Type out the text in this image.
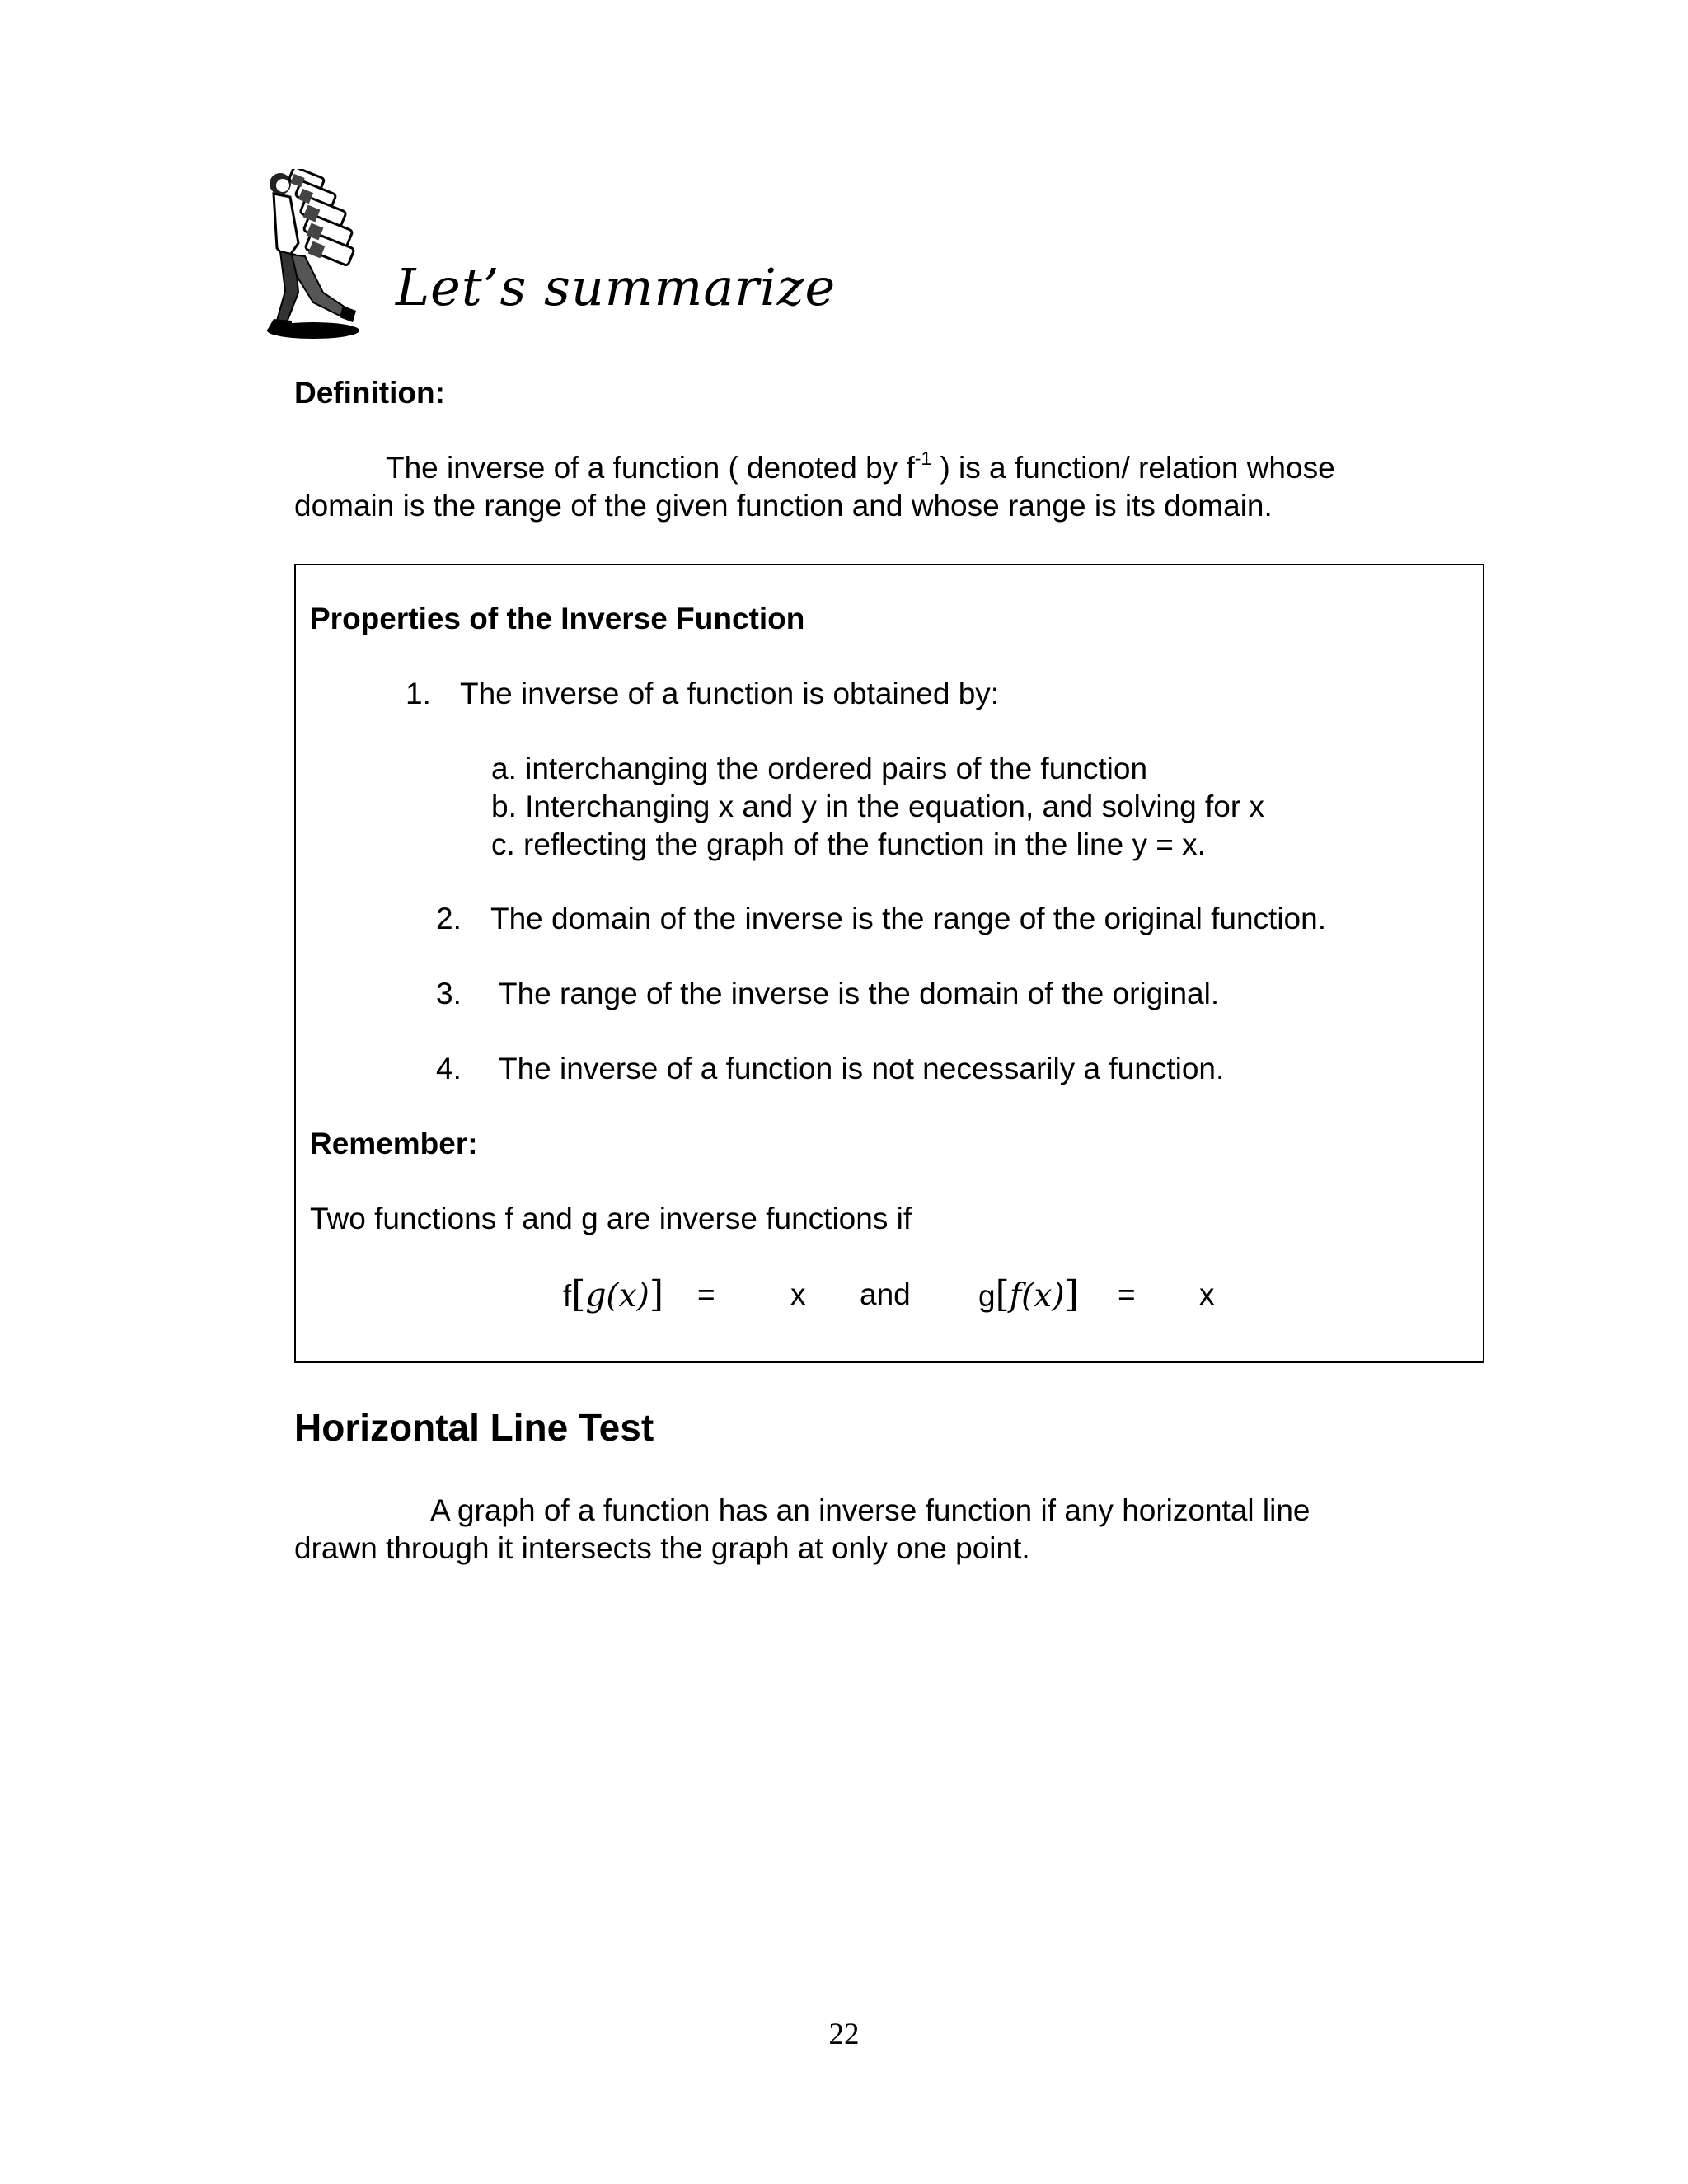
Let’s summarize
Definition:
The inverse of a function ( denoted by $f^{-1}$ ) is a function/ relation whose
domain is the range of the given function and whose range is its domain.
Properties of the Inverse Function
1. The inverse of a function is obtained by:
a. interchanging the ordered pairs of the function
b. Interchanging x and y in the equation, and solving for x
c. reflecting the graph of the function in the line y = x.
2. The domain of the inverse is the range of the original function.
3. The range of the inverse is the domain of the original.
4. The inverse of a function is not necessarily a function.
Remember:
Two functions f and g are inverse functions if
f[g(x)] = x and g[f(x)] = x
Horizontal Line Test
A graph of a function has an inverse function if any horizontal line
drawn through it intersects the graph at only one point.
22
